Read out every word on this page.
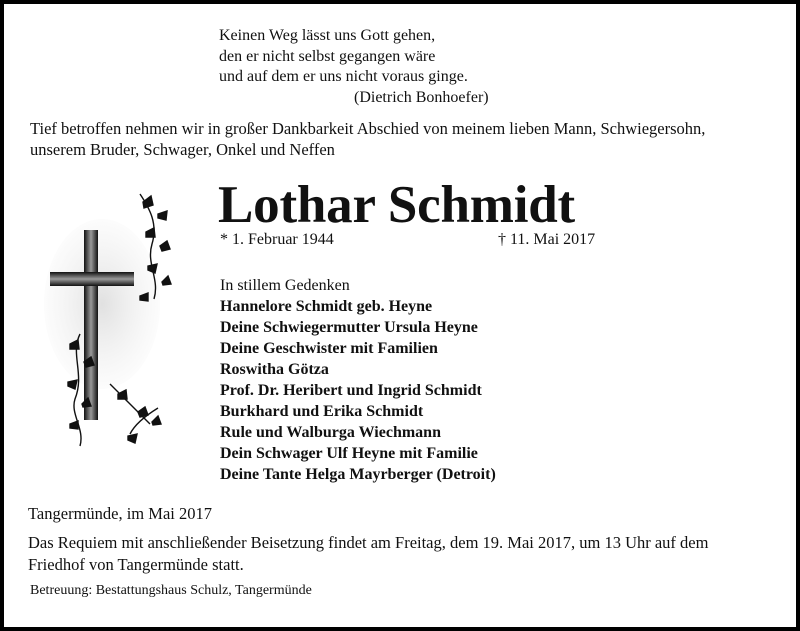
Keinen Weg lässt uns Gott gehen,
den er nicht selbst gegangen wäre
und auf dem er uns nicht voraus ginge.
(Dietrich Bonhoefer)
Tief betroffen nehmen wir in großer Dankbarkeit Abschied von meinem lieben Mann, Schwiegersohn,
unserem Bruder, Schwager, Onkel und Neffen
Lothar Schmidt
* 1. Februar 1944	† 11. Mai 2017
In stillem Gedenken
Hannelore Schmidt geb. Heyne
Deine Schwiegermutter Ursula Heyne
Deine Geschwister mit Familien
Roswitha Götza
Prof. Dr. Heribert und Ingrid Schmidt
Burkhard und Erika Schmidt
Rule und Walburga Wiechmann
Dein Schwager Ulf Heyne mit Familie
Deine Tante Helga Mayrberger (Detroit)
Tangermünde, im Mai 2017
Das Requiem mit anschließender Beisetzung findet am Freitag, dem 19. Mai 2017, um 13 Uhr auf dem
Friedhof von Tangermünde statt.
Betreuung: Bestattungshaus Schulz, Tangermünde
